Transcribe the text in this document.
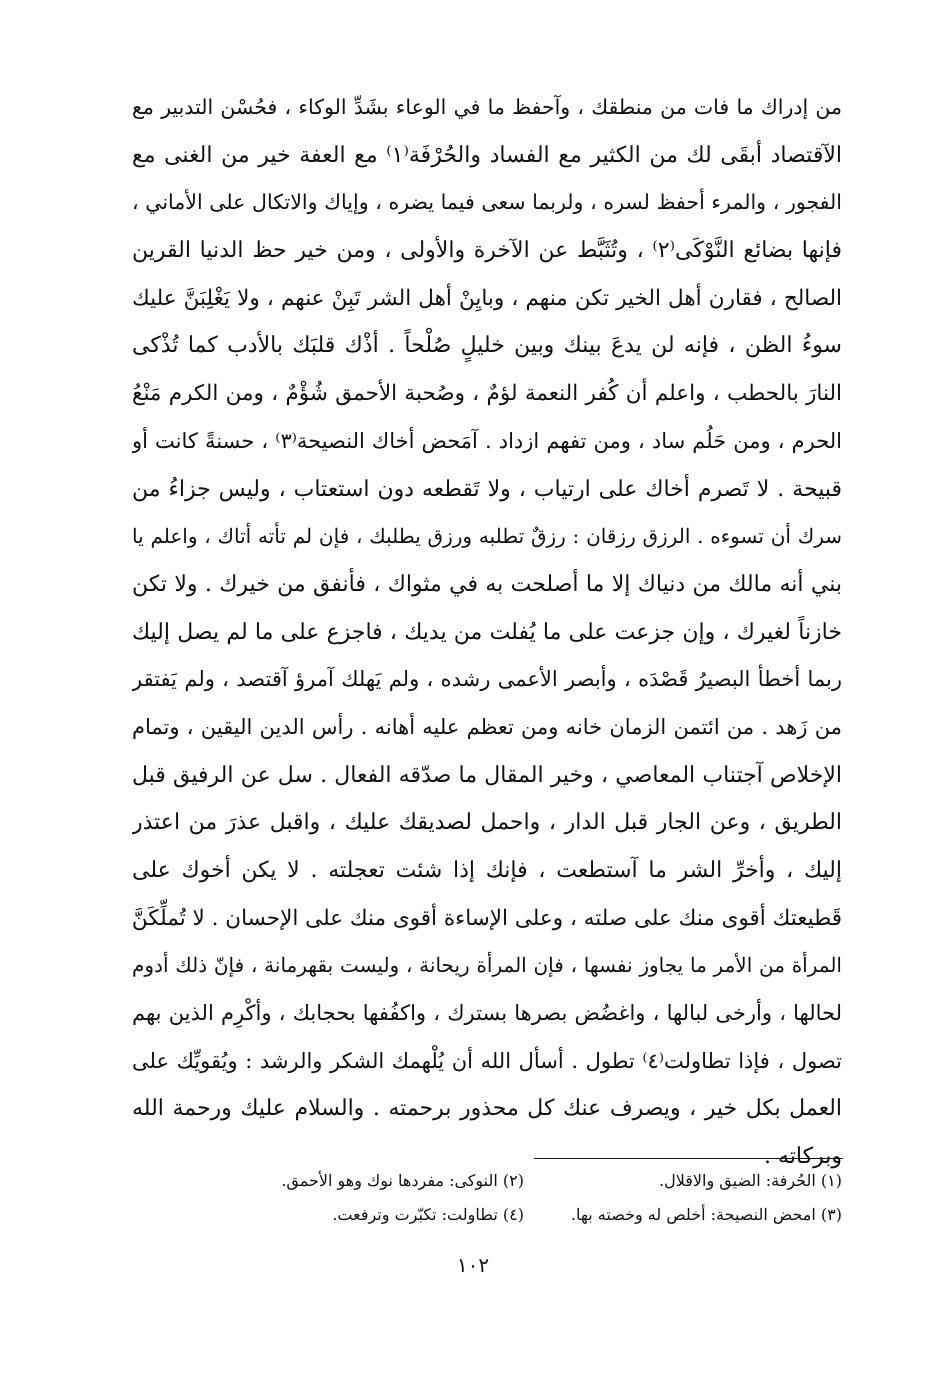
من إدراك ما فات من منطقك ، وآحفظ ما في الوعاء بشَدِّ الوكاء ، فحُسْن التدبير مع
الآقتصاد أبقَى لك من الكثير مع الفساد والحُرْفَة⁽١⁾ مع العفة خير من الغنى مع
الفجور ، والمرء أحفظ لسره ، ولربما سعى فيما يضره ، وإياك والاتكال على الأماني ،
فإنها بضائع النَّوْكَى⁽٢⁾ ، وتُثَبَّط عن الآخرة والأولى ، ومن خير حظ الدنيا القرين
الصالح ، فقارن أهل الخير تكن منهم ، وبايِنْ أهل الشر تَبِنْ عنهم ، ولا يَغْلِبَنَّ عليك
سوءُ الظن ، فإنه لن يدعَ بينك وبين خليلٍ صُلْحاً . أذْك قلبَك بالأدب كما تُذْكى
النارَ بالحطب ، واعلم أن كُفر النعمة لؤمٌ ، وصُحبة الأحمق شُؤْمٌ ، ومن الكرم مَنْعُ
الحرم ، ومن حَلُم ساد ، ومن تفهم ازداد . آمَحض أخاك النصيحة⁽٣⁾ ، حسنةً كانت أو
قبيحة . لا تَصرم أخاك على ارتياب ، ولا تَقطعه دون استعتاب ، وليس جزاءُ من
سرك أن تسوءه . الرزق رزقان : رزقٌ تطلبه ورزق يطلبك ، فإن لم تأته أتاك ، واعلم يا
بني أنه مالك من دنياك إلا ما أصلحت به في مثواك ، فأنفق من خيرك . ولا تكن
خازناً لغيرك ، وإن جزعت على ما يُفلت من يديك ، فاجزع على ما لم يصل إليك
ربما أخطأ البصيرُ قَصْدَه ، وأبصر الأعمى رشده ، ولم يَهلك آمرؤ آقتصد ، ولم يَفتقر
من زَهد . من ائتمن الزمان خانه ومن تعظم عليه أهانه . رأس الدين اليقين ، وتمام
الإخلاص آجتناب المعاصي ، وخير المقال ما صدّقه الفعال . سل عن الرفيق قبل
الطريق ، وعن الجار قبل الدار ، واحمل لصديقك عليك ، واقبل عذرَ من اعتذر
إليك ، وأخرِّ الشر ما آستطعت ، فإنك إذا شئت تعجلته . لا يكن أخوك على
قَطيعتك أقوى منك على صلته ، وعلى الإساءة أقوى منك على الإحسان . لا تُملِّكَنَّ
المرأة من الأمر ما يجاوز نفسها ، فإن المرأة ريحانة ، وليست بقهرمانة ، فإنّ ذلك أدوم
لحالها ، وأرخى لبالها ، واغضُض بصرها بسترك ، واكفُفها بحجابك ، وأكْرِم الذين بهم
تصول ، فإذا تطاولت⁽٤⁾ تطول . أسأل الله أن يُلْهمك الشكر والرشد : ويُقويِّك على
العمل بكل خير ، ويصرف عنك كل محذور برحمته . والسلام عليك ورحمة الله
وبركاته .
(١) الحُرفة: الضيق والاقلال.(٢) النوكى: مفردها نوك وهو الأحمق.
(٣) امحض النصيحة: أخلص له وخصته بها.(٤) تطاولت: تكبّرت وترفعت.
١٠٢
